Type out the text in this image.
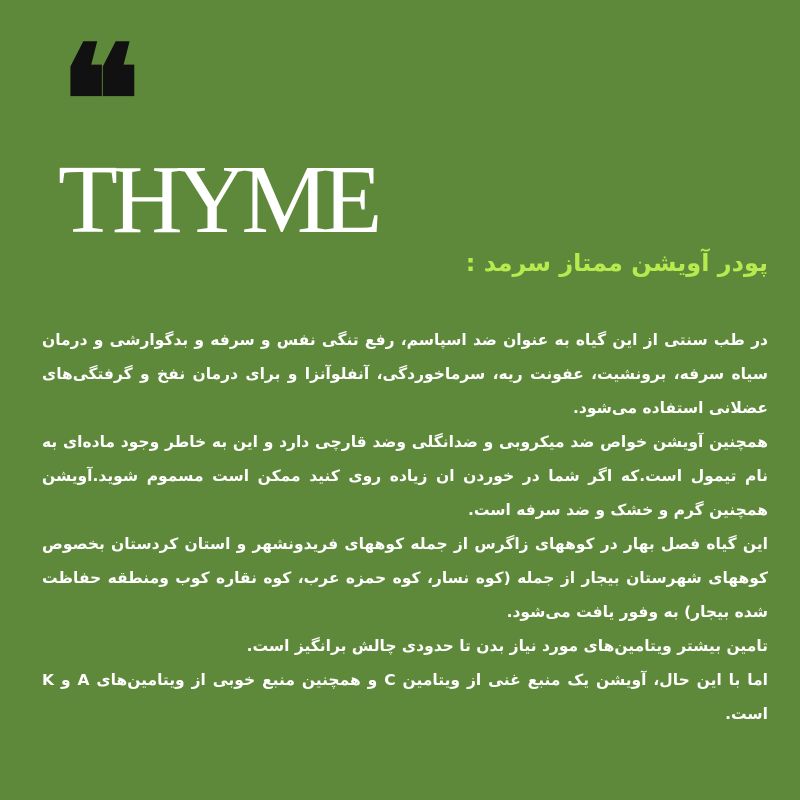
❝
THYME
پودر آویشن ممتاز سرمد :

در طب سنتی از این گیاه به عنوان ضد اسپاسم، رفع تنگی نفس و سرفه و بدگوارشی و درمان سیاه سرفه، برونشیت، عفونت ریه، سرماخوردگی، آنفلوآنزا و برای درمان نفخ و گرفتگی‌های عضلانی استفاده می‌شود.

همچنین آویشن خواص ضد میکروبی و ضدانگلی وضد قارچی دارد و این به خاطر وجود ماده‌ای به نام تیمول است.که اگر شما در خوردن ان زیاده روی کنید ممکن است مسموم شوید.آویشن همچنین گرم و خشک و ضد سرفه است.

این گیاه فصل بهار در کوههای زاگرس از جمله کوههای فریدونشهر و استان کردستان بخصوص کوههای شهرستان بیجار از جمله (کوه نسار، کوه حمزه عرب، کوه نقاره کوب ومنطقه حفاظت شده بیجار) به وفور یافت می‌شود.

تامین بیشتر ویتامین‌های مورد نیاز بدن تا حدودی چالش برانگیز است.

اما با این حال، آویشن یک منبع غنی از ویتامین C و همچنین منبع خوبی از ویتامین‌های A و K است.
